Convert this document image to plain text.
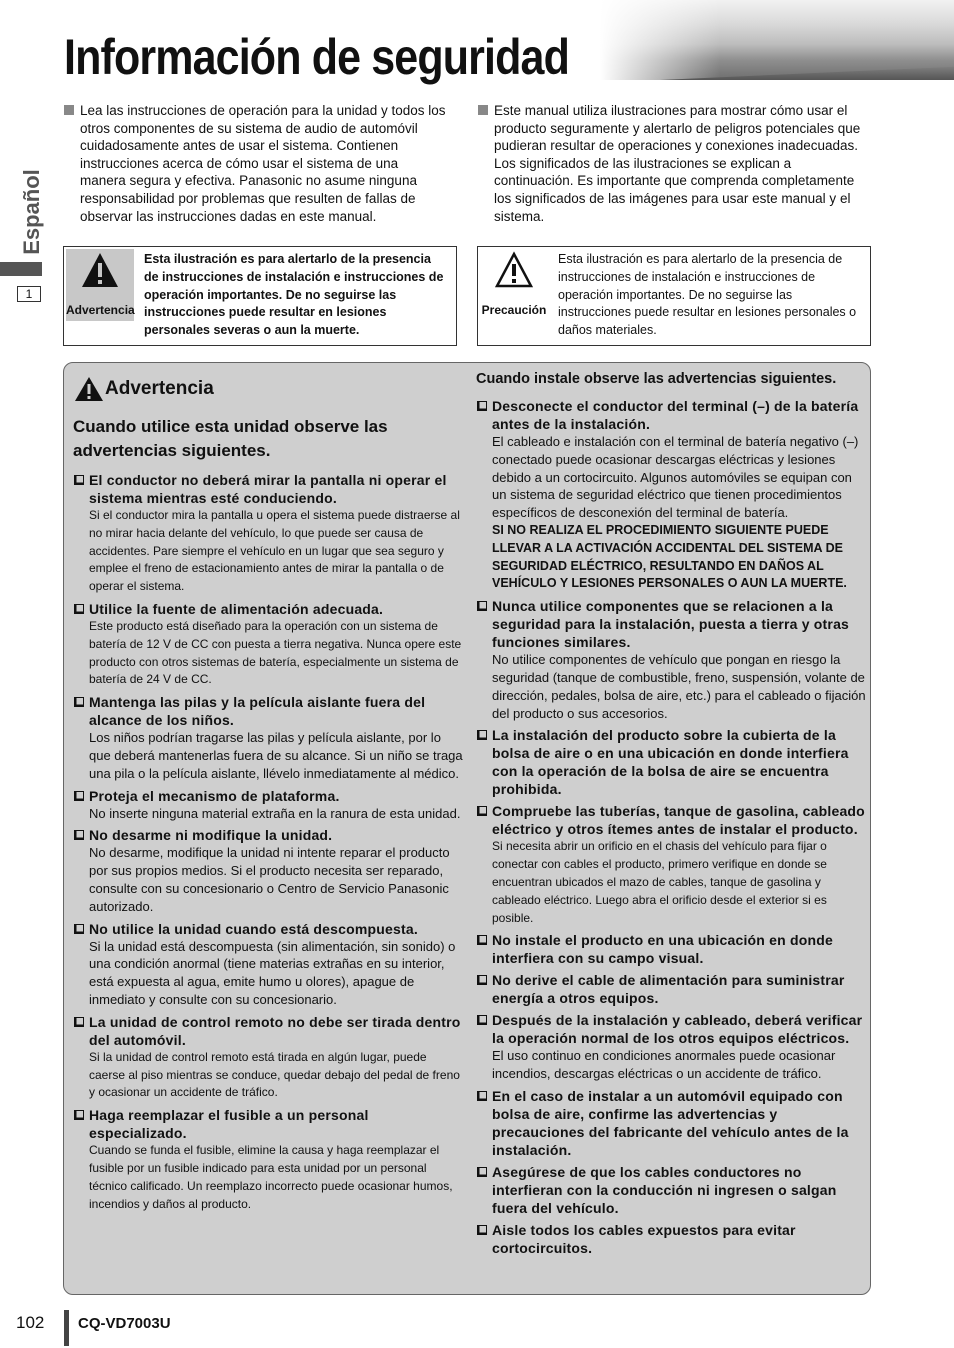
Información de seguridad
Español
1

Lea las instrucciones de operación para la unidad y todos los otros componentes de su sistema de audio de automóvil cuidadosamente antes de usar el sistema. Contienen instrucciones acerca de cómo usar el sistema de una manera segura y efectiva. Panasonic no asume ninguna responsabilidad por problemas que resulten de fallas de observar las instrucciones dadas en este manual.

Este manual utiliza ilustraciones para mostrar cómo usar el producto seguramente y alertarlo de peligros potenciales que pudieran resultar de operaciones y conexiones inadecuadas. Los significados de las ilustraciones se explican a continuación. Es importante que comprenda completamente los significados de las imágenes para usar este manual y el sistema.

Advertencia
Esta ilustración es para alertarlo de la presencia de instrucciones de instalación e instrucciones de operación importantes. De no seguirse las instrucciones puede resultar en lesiones personales severas o aun la muerte.
Precaución
Esta ilustración es para alertarlo de la presencia de instrucciones de instalación e instrucciones de operación importantes. De no seguirse las instrucciones puede resultar en lesiones personales o daños materiales.
Advertencia
Cuando utilice esta unidad observe las advertencias siguientes.
El conductor no deberá mirar la pantalla ni operar el sistema mientras esté conduciendo.

Si el conductor mira la pantalla u opera el sistema puede distraerse al no mirar hacia delante del vehículo, lo que puede ser causa de accidentes. Pare siempre el vehículo en un lugar que sea seguro y emplee el freno de estacionamiento antes de mirar la pantalla o de operar el sistema.

Utilice la fuente de alimentación adecuada.

Este producto está diseñado para la operación con un sistema de batería de 12 V de CC con puesta a tierra negativa. Nunca opere este producto con otros sistemas de batería, especialmente un sistema de batería de 24 V de CC.

Mantenga las pilas y la película aislante fuera del alcance de los niños.

Los niños podrían tragarse las pilas y película aislante, por lo que deberá mantenerlas fuera de su alcance. Si un niño se traga una pila o la película aislante, llévelo inmediatamente al médico.

Proteja el mecanismo de plataforma.

No inserte ninguna material extraña en la ranura de esta unidad.

No desarme ni modifique la unidad.

No desarme, modifique la unidad ni intente reparar el producto por sus propios medios. Si el producto necesita ser reparado, consulte con su concesionario o Centro de Servicio Panasonic autorizado.

No utilice la unidad cuando está descompuesta.

Si la unidad está descompuesta (sin alimentación, sin sonido) o una condición anormal (tiene materias extrañas en su interior, está expuesta al agua, emite humo u olores), apague de inmediato y consulte con su concesionario.

La unidad de control remoto no debe ser tirada dentro del automóvil.

Si la unidad de control remoto está tirada en algún lugar, puede caerse al piso mientras se conduce, quedar debajo del pedal de freno y ocasionar un accidente de tráfico.

Haga reemplazar el fusible a un personal especializado.

Cuando se funda el fusible, elimine la causa y haga reemplazar el fusible por un fusible indicado para esta unidad por un personal técnico calificado. Un reemplazo incorrecto puede ocasionar humos, incendios y daños al producto.

Cuando instale observe las advertencias siguientes.
Desconecte el conductor del terminal (–) de la batería antes de la instalación.

El cableado e instalación con el terminal de batería negativo (–) conectado puede ocasionar descargas eléctricas y lesiones debido a un cortocircuito. Algunos automóviles se equipan con un sistema de seguridad eléctrico que tienen procedimientos específicos de desconexión del terminal de batería.

SI NO REALIZA EL PROCEDIMIENTO SIGUIENTE PUEDE LLEVAR A LA ACTIVACIÓN ACCIDENTAL DEL SISTEMA DE SEGURIDAD ELÉCTRICO, RESULTANDO EN DAÑOS AL VEHÍCULO Y LESIONES PERSONALES O AUN LA MUERTE.

Nunca utilice componentes que se relacionen a la seguridad para la instalación, puesta a tierra y otras funciones similares.

No utilice componentes de vehículo que pongan en riesgo la seguridad (tanque de combustible, freno, suspensión, volante de dirección, pedales, bolsa de aire, etc.) para el cableado o fijación del producto o sus accesorios.

La instalación del producto sobre la cubierta de la bolsa de aire o en una ubicación en donde interfiera con la operación de la bolsa de aire se encuentra prohibida.
Compruebe las tuberías, tanque de gasolina, cableado eléctrico y otros ítemes antes de instalar el producto.

Si necesita abrir un orificio en el chasis del vehículo para fijar o conectar con cables el producto, primero verifique en donde se encuentran ubicados el mazo de cables, tanque de gasolina y cableado eléctrico. Luego abra el orificio desde el exterior si es posible.

No instale el producto en una ubicación en donde interfiera con su campo visual.
No derive el cable de alimentación para suministrar energía a otros equipos.
Después de la instalación y cableado, deberá verificar la operación normal de los otros equipos eléctricos.

El uso continuo en condiciones anormales puede ocasionar incendios, descargas eléctricas o un accidente de tráfico.

En el caso de instalar a un automóvil equipado con bolsa de aire, confirme las advertencias y precauciones del fabricante del vehículo antes de la instalación.
Asegúrese de que los cables conductores no interfieran con la conducción ni ingresen o salgan fuera del vehículo.
Aisle todos los cables expuestos para evitar cortocircuitos.
102 CQ-VD7003U
